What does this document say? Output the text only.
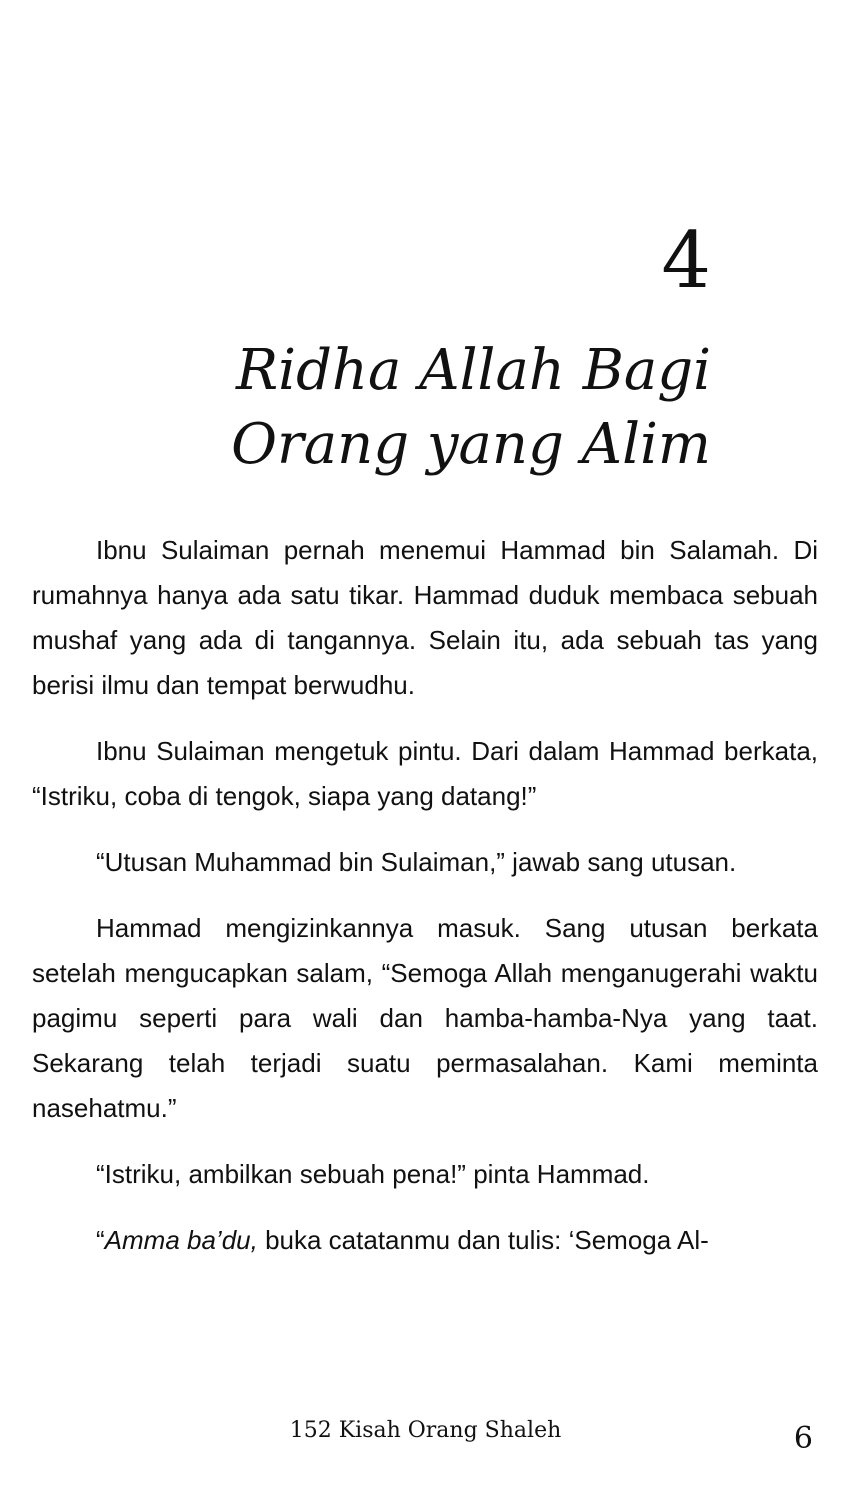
4
Ridha Allah Bagi
Orang yang Alim

Ibnu Sulaiman pernah menemui Hammad bin Salamah. Di rumahnya hanya ada satu tikar. Hammad duduk membaca sebuah mushaf yang ada di tangannya. Selain itu, ada sebuah tas yang berisi ilmu dan tempat berwudhu.

Ibnu Sulaiman mengetuk pintu. Dari dalam Hammad berkata, “Istriku, coba di tengok, siapa yang datang!”

“Utusan Muhammad bin Sulaiman,” jawab sang utusan.

Hammad mengizinkannya masuk. Sang utusan berkata setelah mengucapkan salam, “Semoga Allah menganugerahi waktu pagimu seperti para wali dan hamba-hamba-Nya yang taat. Sekarang telah terjadi suatu permasalahan. Kami meminta nasehatmu.”

“Istriku, ambilkan sebuah pena!” pinta Hammad.

“Amma ba’du, buka catatanmu dan tulis: ‘Semoga Al-

152 Kisah Orang Shaleh	6
